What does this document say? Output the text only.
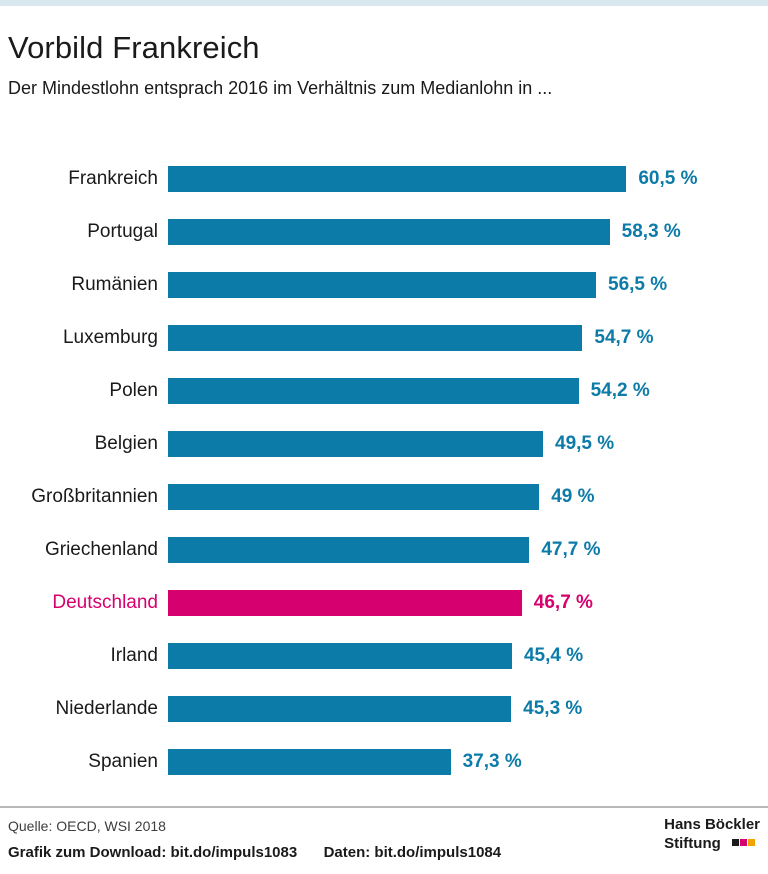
Vorbild Frankreich

Der Mindestlohn entsprach 2016 im Verhältnis zum Medianlohn in ...

Frankreich	60,5 %
Portugal	58,3 %
Rumänien	56,5 %
Luxemburg	54,7 %
Polen	54,2 %
Belgien	49,5 %
Großbritannien	49 %
Griechenland	47,7 %
Deutschland	46,7 %
Irland	45,4 %
Niederlande	45,3 %
Spanien	37,3 %

Quelle: OECD, WSI 2018

Grafik zum Download: bit.do/impuls1083 Daten: bit.do/impuls1084

Hans Böckler
Stiftung
